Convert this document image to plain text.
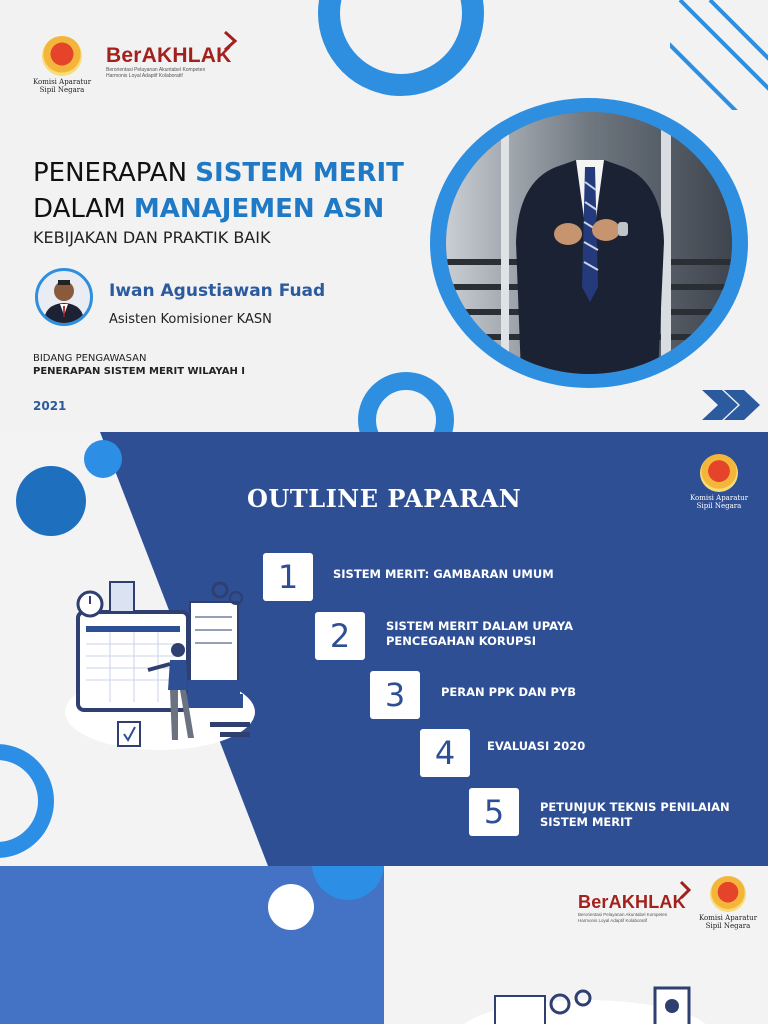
Komisi Aparatur
Sipil Negara
BerAKHLAK
Berorientasi Pelayanan Akuntabel Kompeten
Harmonis Loyal Adaptif Kolaboratif
PENERAPAN SISTEM MERIT
DALAM MANAJEMEN ASN
KEBIJAKAN DAN PRAKTIK BAIK
Iwan Agustiawan Fuad
Asisten Komisioner KASN
BIDANG PENGAWASAN
PENERAPAN SISTEM MERIT WILAYAH I
2021
OUTLINE PAPARAN	Komisi Aparatur
Sipil Negara
1	SISTEM MERIT: GAMBARAN UMUM
2	SISTEM MERIT DALAM UPAYA
PENCEGAHAN KORUPSI
3	PERAN PPK DAN PYB
4	EVALUASI 2020
5	PETUNJUK TEKNIS PENILAIAN
SISTEM MERIT
BerAKHLAK
Berorientasi Pelayanan Akuntabel Kompeten
Harmonis Loyal Adaptif Kolaboratif	Komisi Aparatur
Sipil Negara
